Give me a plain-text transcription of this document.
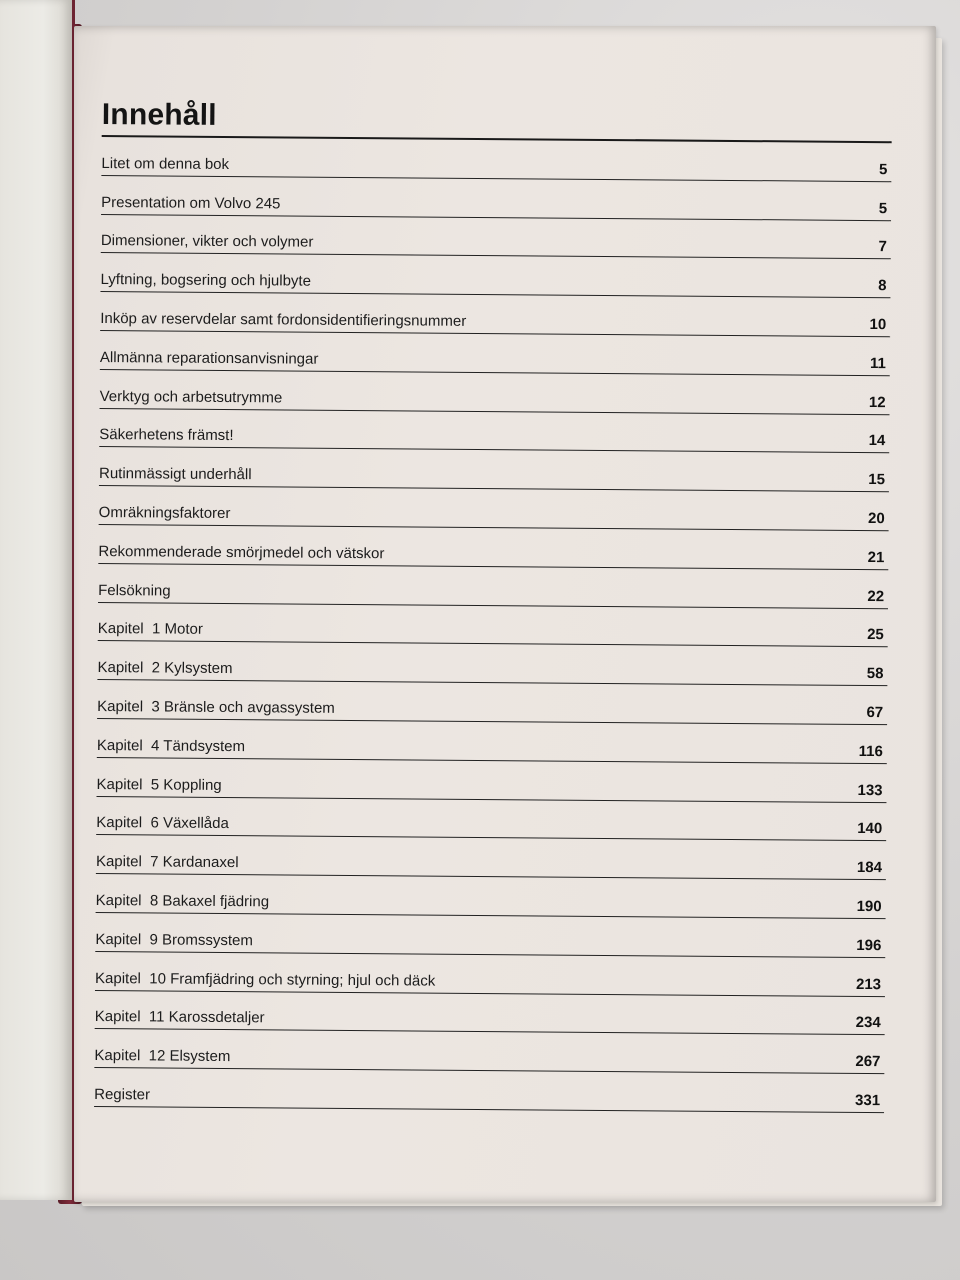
Innehåll
Litet om denna bok	5
Presentation om Volvo 245	5
Dimensioner, vikter och volymer	7
Lyftning, bogsering och hjulbyte	8
Inköp av reservdelar samt fordonsidentifieringsnummer	10
Allmänna reparationsanvisningar	11
Verktyg och arbetsutrymme	12
Säkerhetens främst!	14
Rutinmässigt underhåll	15
Omräkningsfaktorer	20
Rekommenderade smörjmedel och vätskor	21
Felsökning	22
Kapitel  1 Motor	25
Kapitel  2 Kylsystem	58
Kapitel  3 Bränsle och avgassystem	67
Kapitel  4 Tändsystem	116
Kapitel  5 Koppling	133
Kapitel  6 Växellåda	140
Kapitel  7 Kardanaxel	184
Kapitel  8 Bakaxel fjädring	190
Kapitel  9 Bromssystem	196
Kapitel  10 Framfjädring och styrning; hjul och däck	213
Kapitel  11 Karossdetaljer	234
Kapitel  12 Elsystem	267
Register	331
